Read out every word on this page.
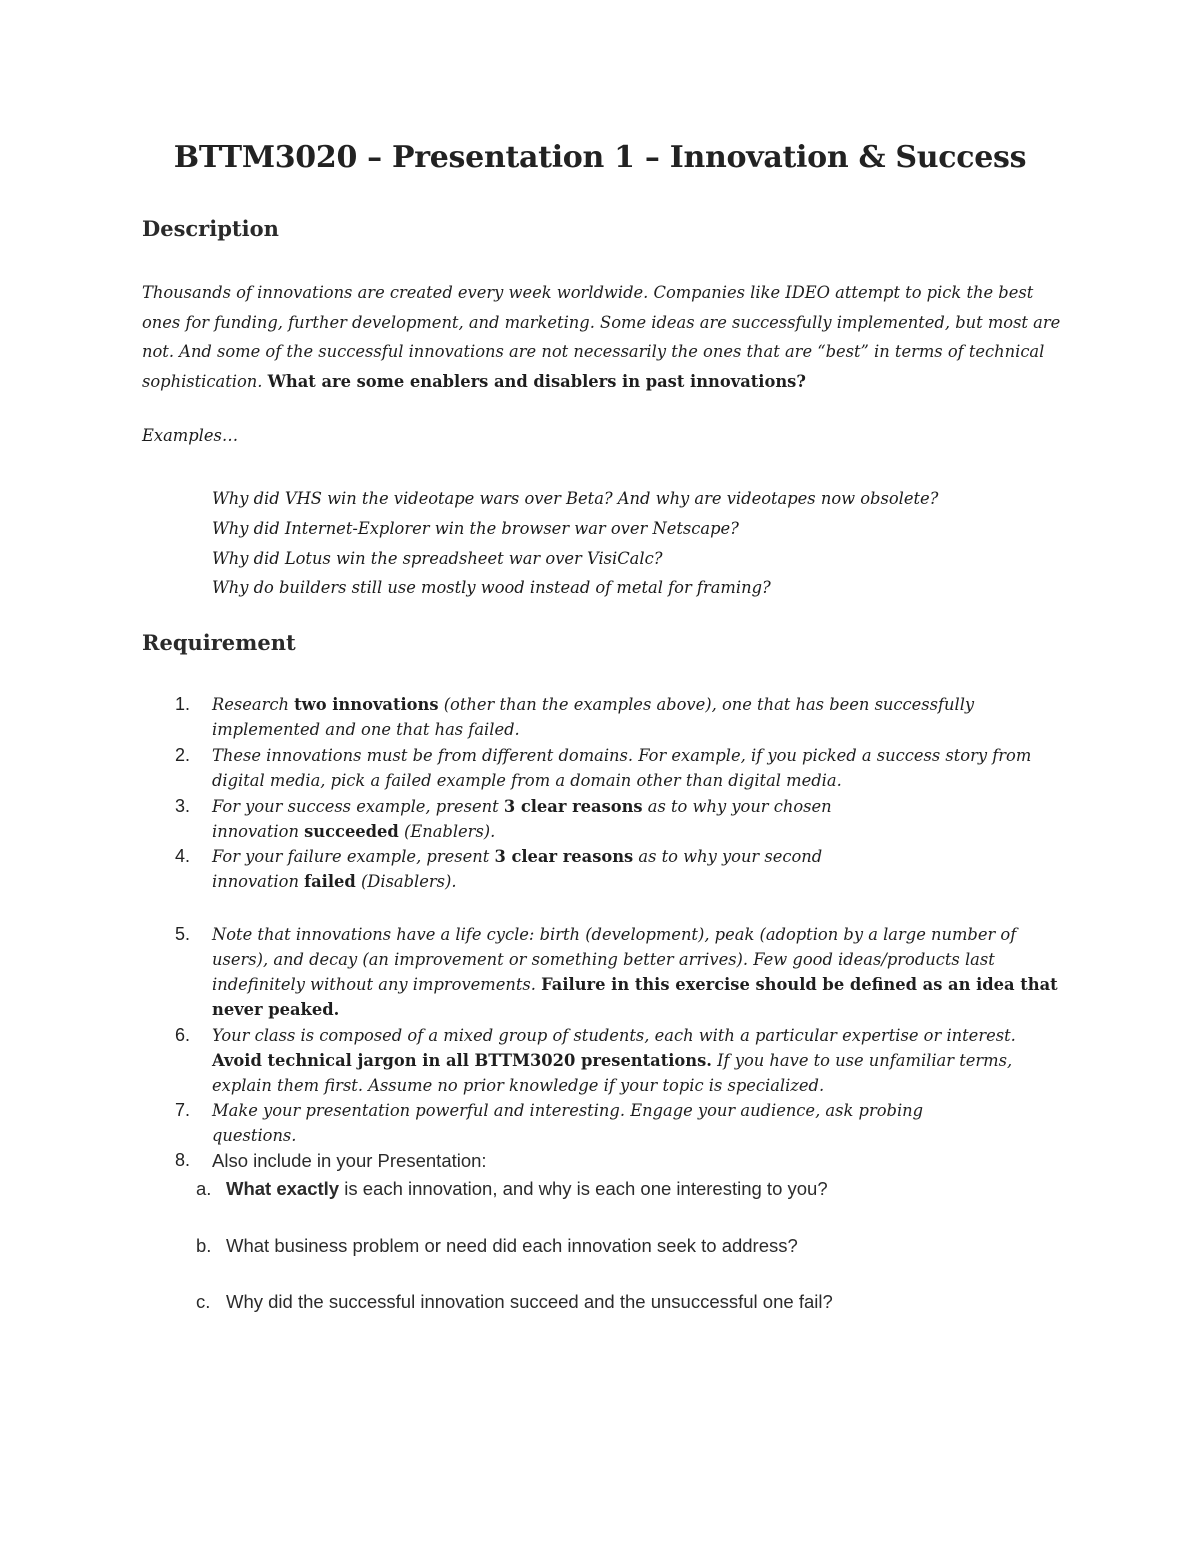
BTTM3020 – Presentation 1 – Innovation & Success
Description
Thousands of innovations are created every week worldwide. Companies like IDEO attempt to pick the best ones for funding, further development, and marketing. Some ideas are successfully implemented, but most are not. And some of the successful innovations are not necessarily the ones that are “best” in terms of technical sophistication. What are some enablers and disablers in past innovations?
Examples…
Why did VHS win the videotape wars over Beta? And why are videotapes now obsolete?
Why did Internet-Explorer win the browser war over Netscape?
Why did Lotus win the spreadsheet war over VisiCalc?
Why do builders still use mostly wood instead of metal for framing?
Requirement
1. Research two innovations (other than the examples above), one that has been successfully implemented and one that has failed.
2. These innovations must be from different domains. For example, if you picked a success story from digital media, pick a failed example from a domain other than digital media.
3. For your success example, present 3 clear reasons as to why your chosen innovation succeeded (Enablers).
4. For your failure example, present 3 clear reasons as to why your second innovation failed (Disablers).
5. Note that innovations have a life cycle: birth (development), peak (adoption by a large number of users), and decay (an improvement or something better arrives). Few good ideas/products last indefinitely without any improvements. Failure in this exercise should be defined as an idea that never peaked.
6. Your class is composed of a mixed group of students, each with a particular expertise or interest. Avoid technical jargon in all BTTM3020 presentations. If you have to use unfamiliar terms, explain them first. Assume no prior knowledge if your topic is specialized.
7. Make your presentation powerful and interesting. Engage your audience, ask probing questions.
8. Also include in your Presentation:
a. What exactly is each innovation, and why is each one interesting to you?
b. What business problem or need did each innovation seek to address?
c. Why did the successful innovation succeed and the unsuccessful one fail?
